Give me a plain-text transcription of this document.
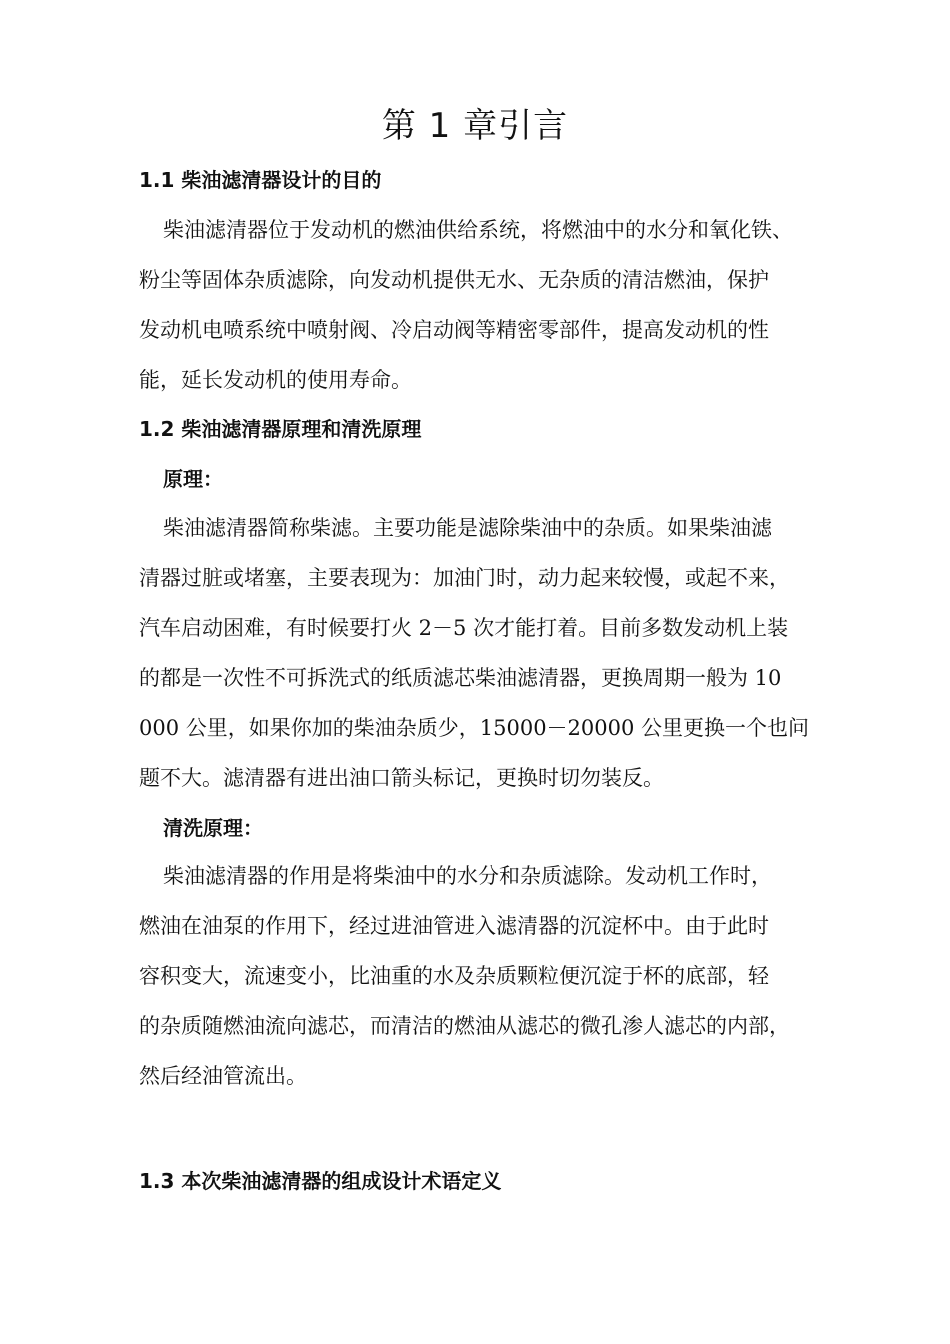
第 1 章引言
1.1 柴油滤清器设计的目的
柴油滤清器位于发动机的燃油供给系统，将燃油中的水分和氧化铁、
粉尘等固体杂质滤除，向发动机提供无水、无杂质的清洁燃油，保护
发动机电喷系统中喷射阀、冷启动阀等精密零部件，提高发动机的性
能，延长发动机的使用寿命。
1.2 柴油滤清器原理和清洗原理
原理：
柴油滤清器简称柴滤。主要功能是滤除柴油中的杂质。如果柴油滤
清器过脏或堵塞，主要表现为：加油门时，动力起来较慢，或起不来，
汽车启动困难，有时候要打火 2－5 次才能打着。目前多数发动机上装
的都是一次性不可拆洗式的纸质滤芯柴油滤清器，更换周期一般为 10
000 公里，如果你加的柴油杂质少，15000－20000 公里更换一个也问
题不大。滤清器有进出油口箭头标记，更换时切勿装反。
清洗原理：
柴油滤清器的作用是将柴油中的水分和杂质滤除。发动机工作时，
燃油在油泵的作用下，经过进油管进入滤清器的沉淀杯中。由于此时
容积变大，流速变小，比油重的水及杂质颗粒便沉淀于杯的底部，轻
的杂质随燃油流向滤芯，而清洁的燃油从滤芯的微孔渗人滤芯的内部，
然后经油管流出。
1.3 本次柴油滤清器的组成设计术语定义
